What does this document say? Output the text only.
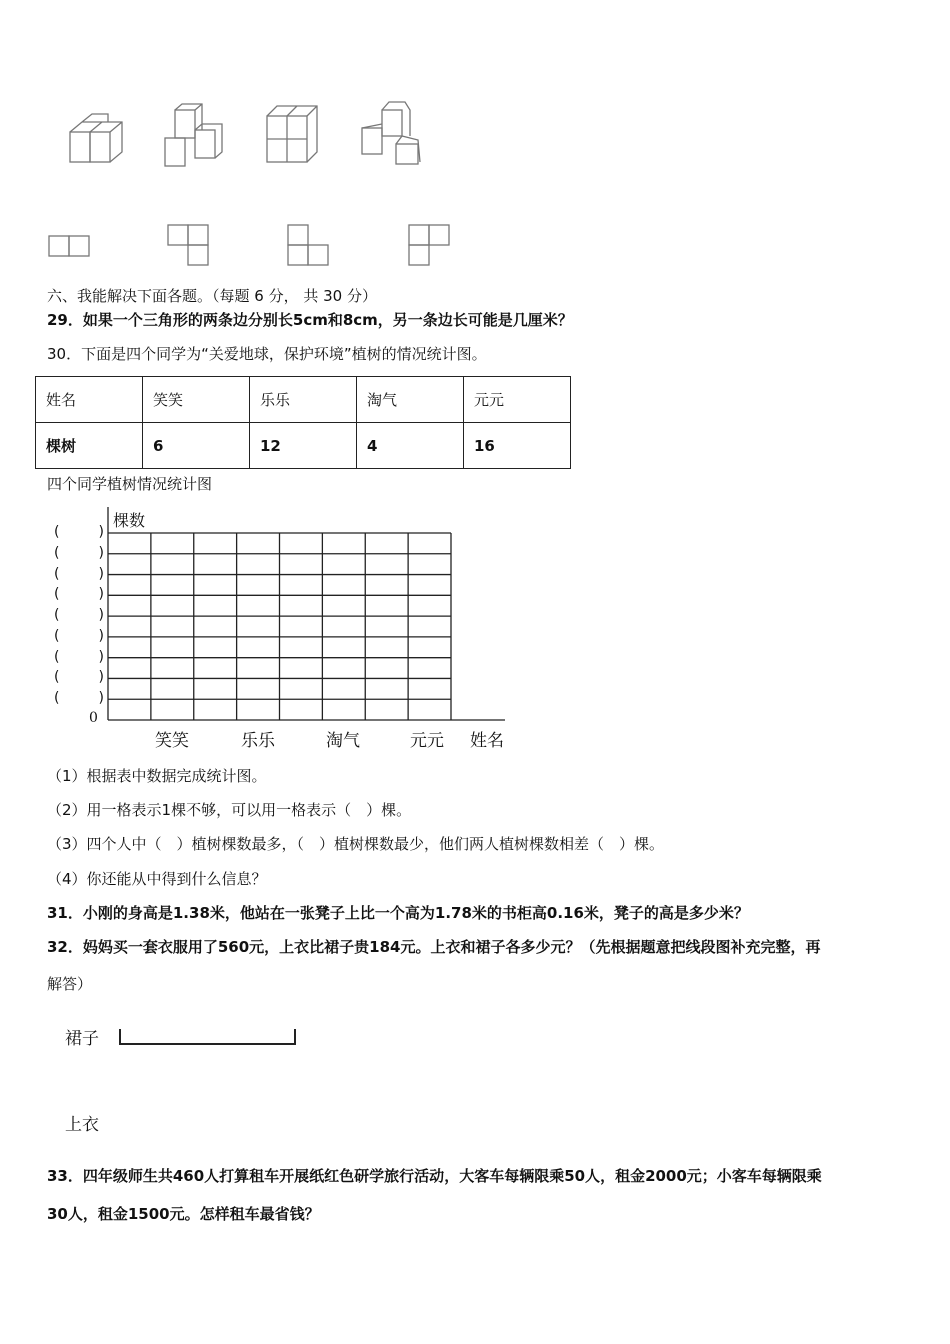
六、我能解决下面各题。（每题 6 分， 共 30 分）
29．如果一个三角形的两条边分别长5cm和8cm，另一条边长可能是几厘米？
30．下面是四个同学为“关爱地球，保护环境”植树的情况统计图。
姓名	笑笑	乐乐	淘气	元元
棵树	6	12	4	16
四个同学植树情况统计图
棵数
0
(	)
(	)
(	)
(	)
(	)
(	)
(	)
(	)
(	)
笑笑	乐乐	淘气	元元 姓名
（1）根据表中数据完成统计图。
（2）用一格表示1棵不够，可以用一格表示（　）棵。
（3）四个人中（　）植树棵数最多，（　）植树棵数最少，他们两人植树棵数相差（　）棵。
（4）你还能从中得到什么信息？
31．小刚的身高是1.38米，他站在一张凳子上比一个高为1.78米的书柜高0.16米，凳子的高是多少米？
32．妈妈买一套衣服用了560元，上衣比裙子贵184元。上衣和裙子各多少元？（先根据题意把线段图补充完整，再
解答）
裙子
上衣
33．四年级师生共460人打算租车开展纸红色研学旅行活动，大客车每辆限乘50人，租金2000元；小客车每辆限乘
30人，租金1500元。怎样租车最省钱？
